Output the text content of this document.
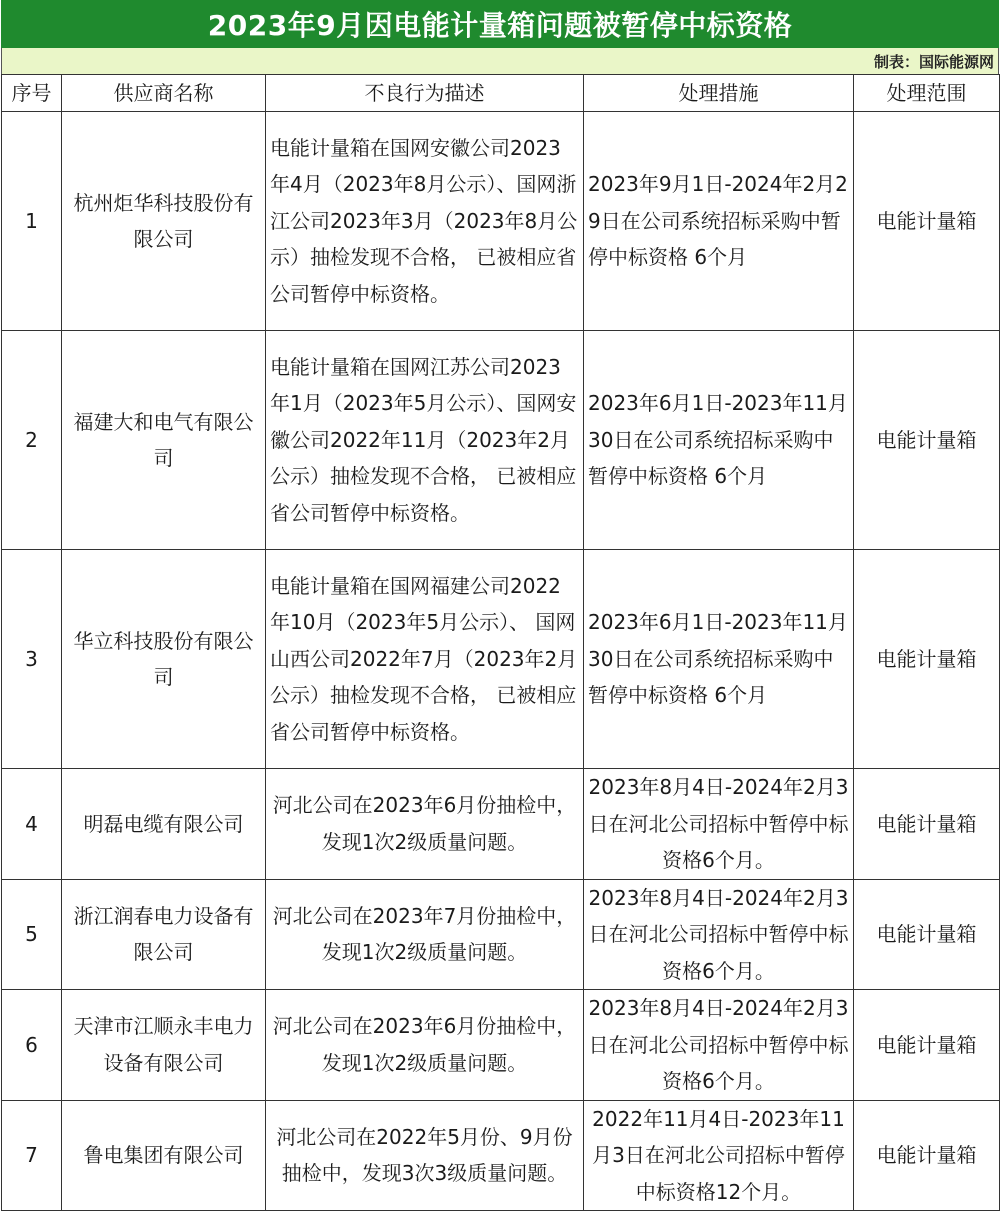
2023年9月因电能计量箱问题被暂停中标资格
制表：国际能源网
序号	供应商名称	不良行为描述	处理措施	处理范围
1	杭州炬华科技股份有限公司	电能计量箱在国网安徽公司2023年4月（2023年8月公示）、国网浙江公司2023年3月（2023年8月公示）抽检发现不合格， 已被相应省公司暂停中标资格。	2023年9月1日-2024年2月29日在公司系统招标采购中暂停中标资格 6个月	电能计量箱
2	福建大和电气有限公司	电能计量箱在国网江苏公司2023年1月（2023年5月公示）、国网安徽公司2022年11月（2023年2月公示）抽检发现不合格， 已被相应省公司暂停中标资格。	2023年6月1日-2023年11月30日在公司系统招标采购中暂停中标资格 6个月	电能计量箱
3	华立科技股份有限公司	电能计量箱在国网福建公司2022年10月（2023年5月公示）、 国网山西公司2022年7月（2023年2月公示）抽检发现不合格， 已被相应省公司暂停中标资格。	2023年6月1日-2023年11月30日在公司系统招标采购中暂停中标资格 6个月	电能计量箱
4	明磊电缆有限公司	河北公司在2023年6月份抽检中，发现1次2级质量问题。	2023年8月4日-2024年2月3日在河北公司招标中暂停中标资格6个月。	电能计量箱
5	浙江润春电力设备有限公司	河北公司在2023年7月份抽检中，发现1次2级质量问题。	2023年8月4日-2024年2月3日在河北公司招标中暂停中标资格6个月。	电能计量箱
6	天津市江顺永丰电力设备有限公司	河北公司在2023年6月份抽检中，发现1次2级质量问题。	2023年8月4日-2024年2月3日在河北公司招标中暂停中标资格6个月。	电能计量箱
7	鲁电集团有限公司	河北公司在2022年5月份、9月份抽检中，发现3次3级质量问题。	2022年11月4日-2023年11月3日在河北公司招标中暂停中标资格12个月。	电能计量箱
